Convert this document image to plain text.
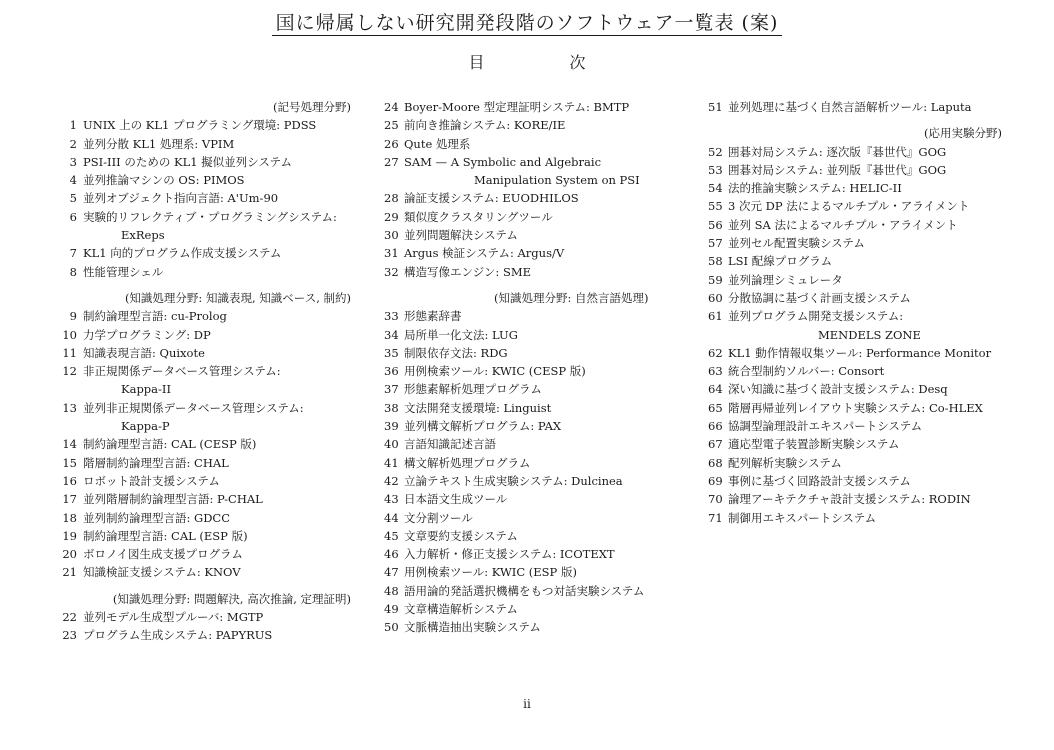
国に帰属しない研究開発段階のソフトウェア一覧表 (案)
目 次
(記号処理分野)
1 UNIX 上の KL1 プログラミング環境: PDSS
2 並列分散 KL1 処理系: VPIM
3 PSI-III のための KL1 擬似並列システム
4 並列推論マシンの OS: PIMOS
5 並列オブジェクト指向言語: A'Um-90
6 実験的リフレクティブ・プログラミングシステム:
ExReps
7 KL1 向的プログラム作成支援システム
8 性能管理シェル
(知識処理分野: 知識表現, 知識ベース, 制約)
9 制約論理型言語: cu-Prolog
10 力学プログラミング: DP
11 知識表現言語: Quixote
12 非正規関係データベース管理システム:
Kappa-II
13 並列非正規関係データベース管理システム:
Kappa-P
14 制約論理型言語: CAL (CESP 版)
15 階層制約論理型言語: CHAL
16 ロボット設計支援システム
17 並列階層制約論理型言語: P-CHAL
18 並列制約論理型言語: GDCC
19 制約論理型言語: CAL (ESP 版)
20 ボロノイ図生成支援プログラム
21 知識検証支援システム: KNOV
(知識処理分野: 問題解決, 高次推論, 定理証明)
22 並列モデル生成型プルーバ: MGTP
23 プログラム生成システム: PAPYRUS
24 Boyer-Moore 型定理証明システム: BMTP
25 前向き推論システム: KORE/IE
26 Qute 処理系
27 SAM — A Symbolic and Algebraic
Manipulation System on PSI
28 論証支援システム: EUODHILOS
29 類似度クラスタリングツール
30 並列問題解決システム
31 Argus 検証システム: Argus/V
32 構造写像エンジン: SME
(知識処理分野: 自然言語処理)
33 形態素辞書
34 局所単一化文法: LUG
35 制限依存文法: RDG
36 用例検索ツール: KWIC (CESP 版)
37 形態素解析処理プログラム
38 文法開発支援環境: Linguist
39 並列構文解析プログラム: PAX
40 言語知識記述言語
41 構文解析処理プログラム
42 立論テキスト生成実験システム: Dulcinea
43 日本語文生成ツール
44 文分割ツール
45 文章要約支援システム
46 入力解析・修正支援システム: ICOTEXT
47 用例検索ツール: KWIC (ESP 版)
48 語用論的発話選択機構をもつ対話実験システム
49 文章構造解析システム
50 文脈構造抽出実験システム
51 並列処理に基づく自然言語解析ツール: Laputa
(応用実験分野)
52 囲碁対局システム: 逐次版『碁世代』GOG
53 囲碁対局システム: 並列版『碁世代』GOG
54 法的推論実験システム: HELIC-II
55 3 次元 DP 法によるマルチプル・アライメント
56 並列 SA 法によるマルチプル・アライメント
57 並列セル配置実験システム
58 LSI 配線プログラム
59 並列論理シミュレータ
60 分散協調に基づく計画支援システム
61 並列プログラム開発支援システム:
MENDELS ZONE
62 KL1 動作情報収集ツール: Performance Monitor
63 統合型制約ソルバー: Consort
64 深い知識に基づく設計支援システム: Desq
65 階層再帰並列レイアウト実験システム: Co-HLEX
66 協調型論理設計エキスパートシステム
67 適応型電子装置診断実験システム
68 配列解析実験システム
69 事例に基づく回路設計支援システム
70 論理アーキテクチャ設計支援システム: RODIN
71 制御用エキスパートシステム
ii
